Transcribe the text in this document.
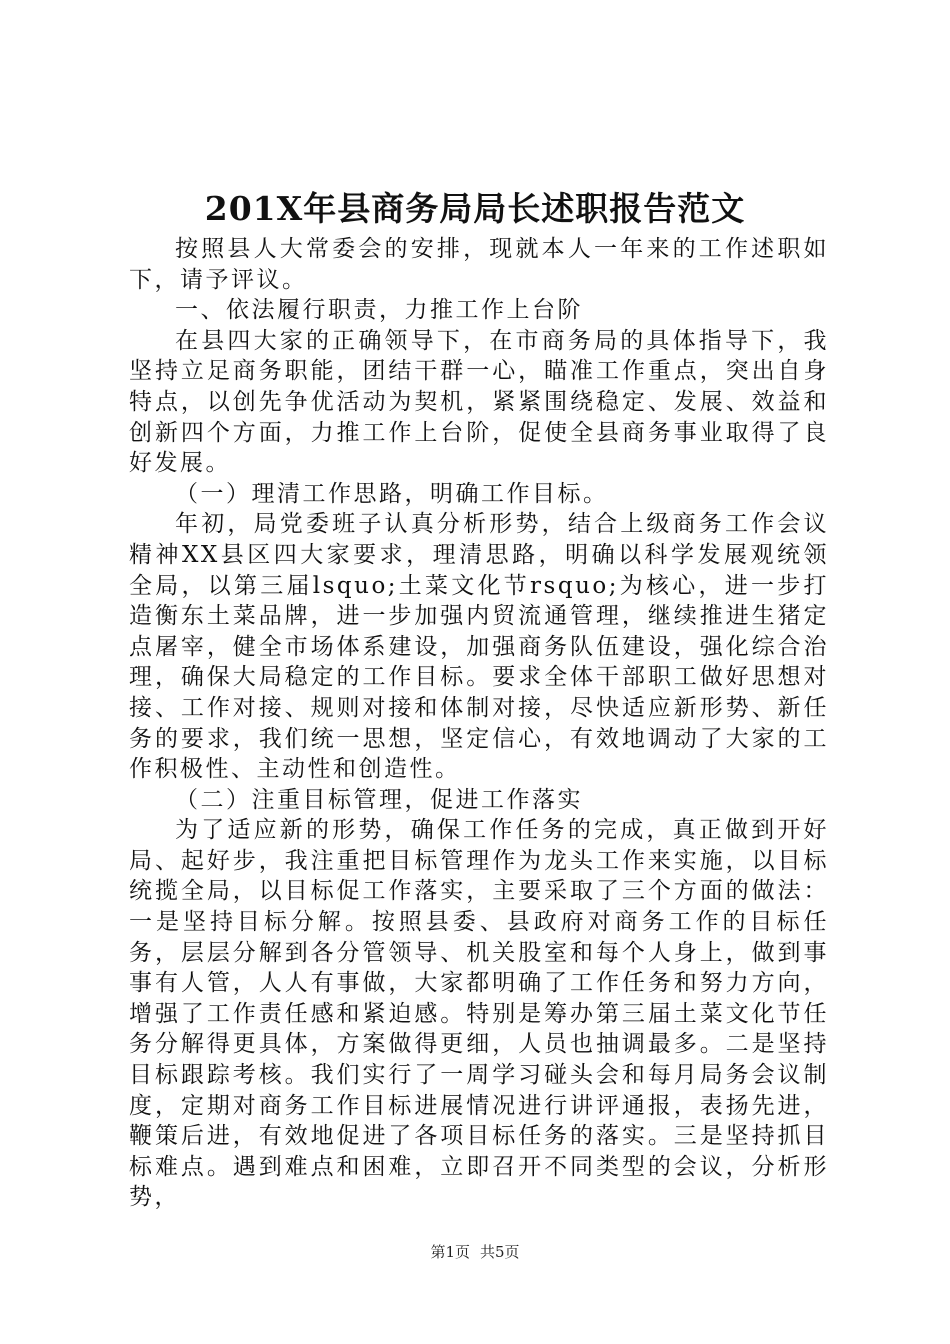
201X年县商务局局长述职报告范文

按照县人大常委会的安排，现就本人一年来的工作述职如下，请予评议。

一、依法履行职责，力推工作上台阶

在县四大家的正确领导下，在市商务局的具体指导下，我坚持立足商务职能，团结干群一心，瞄准工作重点，突出自身特点，以创先争优活动为契机，紧紧围绕稳定、发展、效益和创新四个方面，力推工作上台阶，促使全县商务事业取得了良好发展。

（一）理清工作思路，明确工作目标。

年初，局党委班子认真分析形势，结合上级商务工作会议精神XX县区四大家要求，理清思路，明确以科学发展观统领全局，以第三届lsquo;土菜文化节rsquo;为核心，进一步打造衡东土菜品牌，进一步加强内贸流通管理，继续推进生猪定点屠宰，健全市场体系建设，加强商务队伍建设，强化综合治理，确保大局稳定的工作目标。要求全体干部职工做好思想对接、工作对接、规则对接和体制对接，尽快适应新形势、新任务的要求，我们统一思想，坚定信心，有效地调动了大家的工作积极性、主动性和创造性。

（二）注重目标管理，促进工作落实

为了适应新的形势，确保工作任务的完成，真正做到开好局、起好步，我注重把目标管理作为龙头工作来实施，以目标统揽全局，以目标促工作落实，主要采取了三个方面的做法：一是坚持目标分解。按照县委、县政府对商务工作的目标任务，层层分解到各分管领导、机关股室和每个人身上，做到事事有人管，人人有事做，大家都明确了工作任务和努力方向，增强了工作责任感和紧迫感。特别是筹办第三届土菜文化节任务分解得更具体，方案做得更细，人员也抽调最多。二是坚持目标跟踪考核。我们实行了一周学习碰头会和每月局务会议制度，定期对商务工作目标进展情况进行讲评通报，表扬先进，鞭策后进，有效地促进了各项目标任务的落实。三是坚持抓目标难点。遇到难点和困难，立即召开不同类型的会议，分析形势，

第1页 共5页
